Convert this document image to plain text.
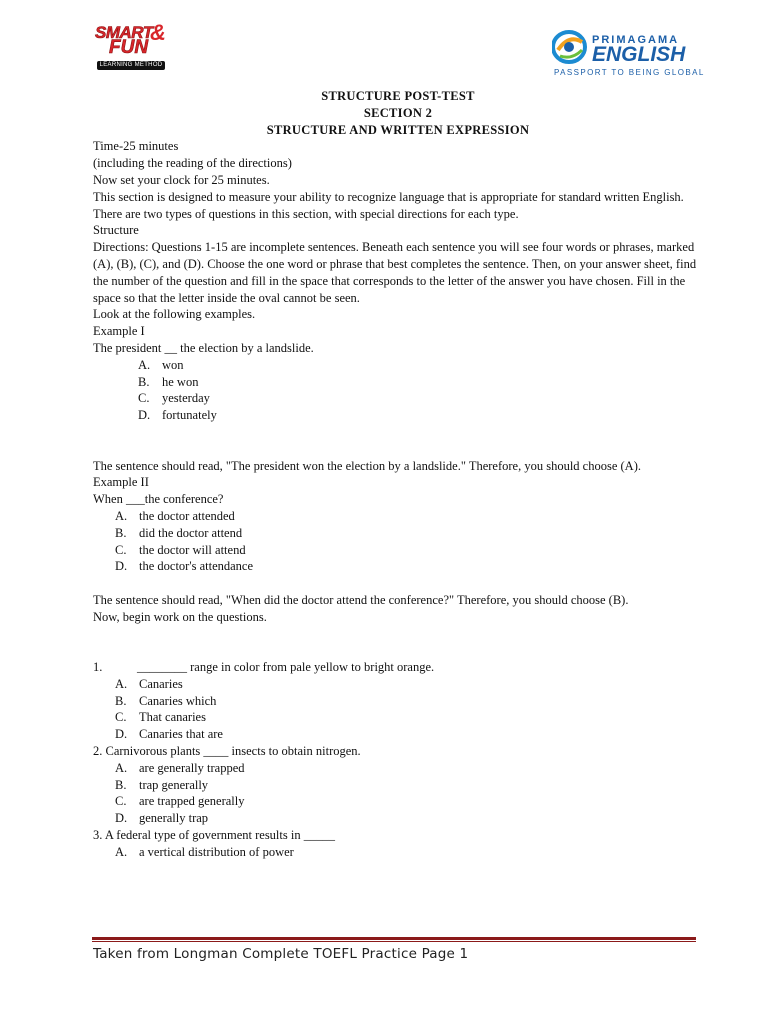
SMART
&
FUN
LEARNING METHOD
PRIMAGAMA
ENGLISH
PASSPORT TO BEING GLOBAL
STRUCTURE POST-TEST
SECTION 2
STRUCTURE AND WRITTEN EXPRESSION

Time-25 minutes

(including the reading of the directions)

Now set your clock for 25 minutes.

This section is designed to measure your ability to recognize language that is appropriate for standard written English. There are two types of questions in this section, with special directions for each type.

Structure

Directions: Questions 1-15 are incomplete sentences. Beneath each sentence you will see four words or phrases, marked (A), (B), (C), and (D). Choose the one word or phrase that best completes the sentence. Then, on your answer sheet, find the number of the question and fill in the space that corresponds to the letter of the answer you have chosen. Fill in the space so that the letter inside the oval cannot be seen.

Look at the following examples.

Example I

The president __ the election by a landslide.

A. won
B.	he won
C.	yesterday
D. fortunately

The sentence should read, "The president won the election by a landslide." Therefore, you should choose (A).

Example II

When ___the conference?

A. the doctor attended
B.	did the doctor attend
C.	the doctor will attend
D. the doctor's attendance

The sentence should read, "When did the doctor attend the conference?" Therefore, you should choose (B).

Now, begin work on the questions.

1.	________ range in color from pale yellow to bright orange.

A. Canaries
B.	Canaries which
C.	That canaries
D. Canaries that are

2. Carnivorous plants ____ insects to obtain nitrogen.

A. are generally trapped
B.	trap generally
C.	are trapped generally
D. generally trap

3. A federal type of government results in _____

A. a vertical distribution of power
Taken from Longman Complete TOEFL Practice Page 1
